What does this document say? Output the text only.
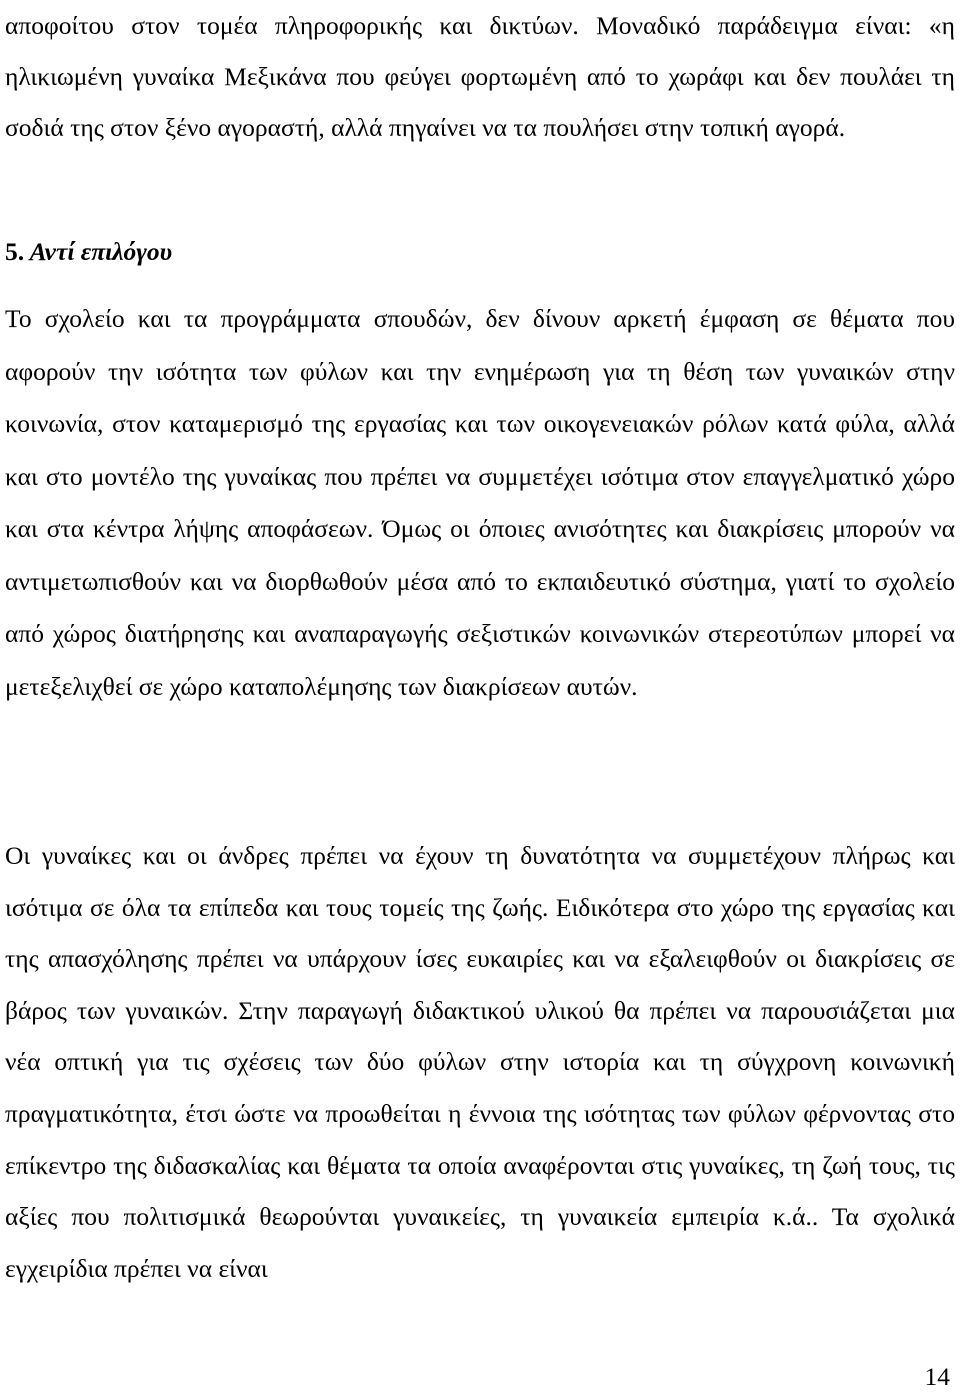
αποφοίτου στον τομέα πληροφορικής και δικτύων. Μοναδικό παράδειγμα είναι: «η ηλικιωμένη γυναίκα Μεξικάνα που φεύγει φορτωμένη από το χωράφι και δεν πουλάει τη σοδιά της στον ξένο αγοραστή, αλλά πηγαίνει να τα πουλήσει στην τοπική αγορά.

5. Αντί επιλόγου

Το σχολείο και τα προγράμματα σπουδών, δεν δίνουν αρκετή έμφαση σε θέματα που αφορούν την ισότητα των φύλων και την ενημέρωση για τη θέση των γυναικών στην κοινωνία, στον καταμερισμό της εργασίας και των οικογενειακών ρόλων κατά φύλα, αλλά και στο μοντέλο της γυναίκας που πρέπει να συμμετέχει ισότιμα στον επαγγελματικό χώρο και στα κέντρα λήψης αποφάσεων. Όμως οι όποιες ανισότητες και διακρίσεις μπορούν να αντιμετωπισθούν και να διορθωθούν μέσα από το εκπαιδευτικό σύστημα, γιατί το σχολείο από χώρος διατήρησης και αναπαραγωγής σεξιστικών κοινωνικών στερεοτύπων μπορεί να μετεξελιχθεί σε χώρο καταπολέμησης των διακρίσεων αυτών.

Οι γυναίκες και οι άνδρες πρέπει να έχουν τη δυνατότητα να συμμετέχουν πλήρως και ισότιμα σε όλα τα επίπεδα και τους τομείς της ζωής. Ειδικότερα στο χώρο της εργασίας και της απασχόλησης πρέπει να υπάρχουν ίσες ευκαιρίες και να εξαλειφθούν οι διακρίσεις σε βάρος των γυναικών. Στην παραγωγή διδακτικού υλικού θα πρέπει να παρουσιάζεται μια νέα οπτική για τις σχέσεις των δύο φύλων στην ιστορία και τη σύγχρονη κοινωνική πραγματικότητα, έτσι ώστε να προωθείται η έννοια της ισότητας των φύλων φέρνοντας στο επίκεντρο της διδασκαλίας και θέματα τα οποία αναφέρονται στις γυναίκες, τη ζωή τους, τις αξίες που πολιτισμικά θεωρούνται γυναικείες, τη γυναικεία εμπειρία κ.ά.. Τα σχολικά εγχειρίδια πρέπει να είναι

14
